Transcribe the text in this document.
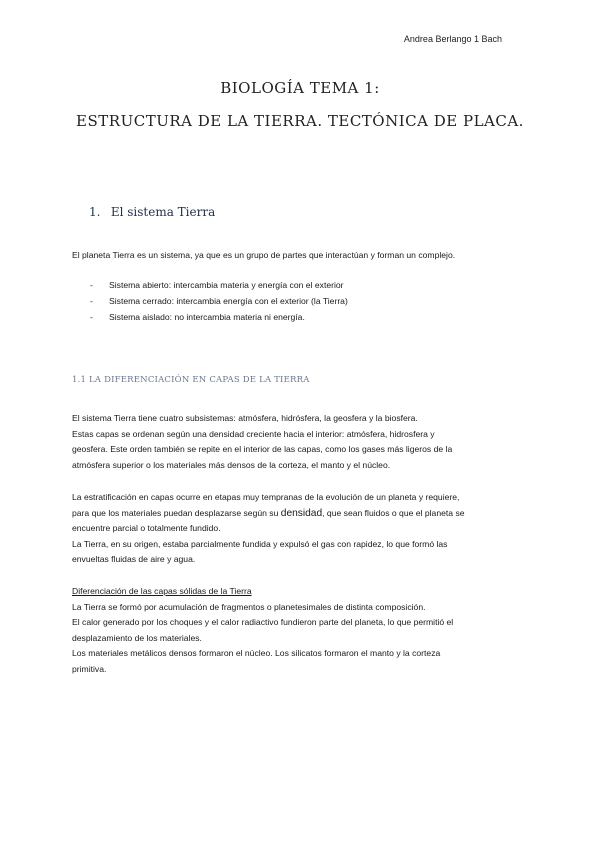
Andrea Berlango 1 Bach
BIOLOGÍA TEMA 1:
ESTRUCTURA DE LA TIERRA. TECTÓNICA DE PLACA.
1. El sistema Tierra
El planeta Tierra es un sistema, ya que es un grupo de partes que interactúan y forman un complejo.
- Sistema abierto: intercambia materia y energía con el exterior
- Sistema cerrado: intercambia energía con el exterior (la Tierra)
- Sistema aislado: no intercambia materia ni energía.
1.1 LA DIFERENCIACIÓN EN CAPAS DE LA TIERRA
El sistema Tierra tiene cuatro subsistemas: atmósfera, hidrósfera, la geosfera y la biosfera.
Estas capas se ordenan según una densidad creciente hacia el interior: atmósfera, hidrosfera y
geosfera. Este orden también se repite en el interior de las capas, como los gases más ligeros de la
atmósfera superior o los materiales más densos de la corteza, el manto y el núcleo.
La estratificación en capas ocurre en etapas muy tempranas de la evolución de un planeta y requiere,
para que los materiales puedan desplazarse según su densidad, que sean fluidos o que el planeta se
encuentre parcial o totalmente fundido.
La Tierra, en su origen, estaba parcialmente fundida y expulsó el gas con rapidez, lo que formó las
envueltas fluidas de aire y agua.
Diferenciación de las capas sólidas de la Tierra
La Tierra se formó por acumulación de fragmentos o planetesimales de distinta composición.
El calor generado por los choques y el calor radiactivo fundieron parte del planeta, lo que permitió el
desplazamiento de los materiales.
Los materiales metálicos densos formaron el núcleo. Los silicatos formaron el manto y la corteza
primitiva.
